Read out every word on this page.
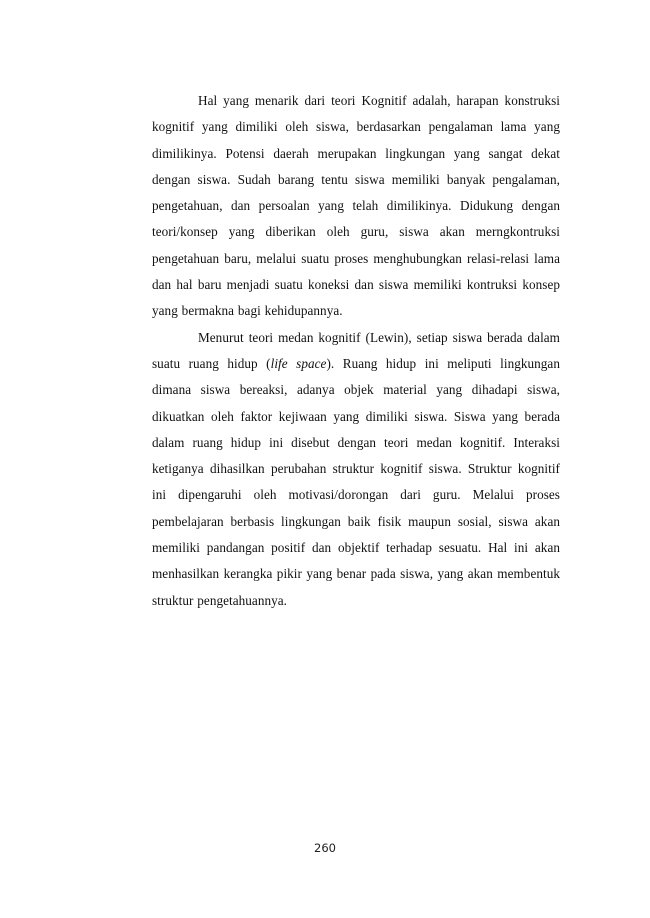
Hal yang menarik dari teori Kognitif adalah, harapan konstruksi kognitif yang dimiliki oleh siswa, berdasarkan pengalaman lama yang dimilikinya. Potensi daerah merupakan lingkungan yang sangat dekat dengan siswa. Sudah barang tentu siswa memiliki banyak pengalaman, pengetahuan, dan persoalan yang telah dimilikinya. Didukung dengan teori/konsep yang diberikan oleh guru, siswa akan merngkontruksi pengetahuan baru, melalui suatu proses menghubungkan relasi-relasi lama dan hal baru menjadi suatu koneksi dan siswa memiliki kontruksi konsep yang bermakna bagi kehidupannya.

Menurut teori medan kognitif (Lewin), setiap siswa berada dalam suatu ruang hidup (life space). Ruang hidup ini meliputi lingkungan dimana siswa bereaksi, adanya objek material yang dihadapi siswa, dikuatkan oleh faktor kejiwaan yang dimiliki siswa. Siswa yang berada dalam ruang hidup ini disebut dengan teori medan kognitif. Interaksi ketiganya dihasilkan perubahan struktur kognitif siswa. Struktur kognitif ini dipengaruhi oleh motivasi/dorongan dari guru. Melalui proses pembelajaran berbasis lingkungan baik fisik maupun sosial, siswa akan memiliki pandangan positif dan objektif terhadap sesuatu. Hal ini akan menhasilkan kerangka pikir yang benar pada siswa, yang akan membentuk struktur pengetahuannya.

260
